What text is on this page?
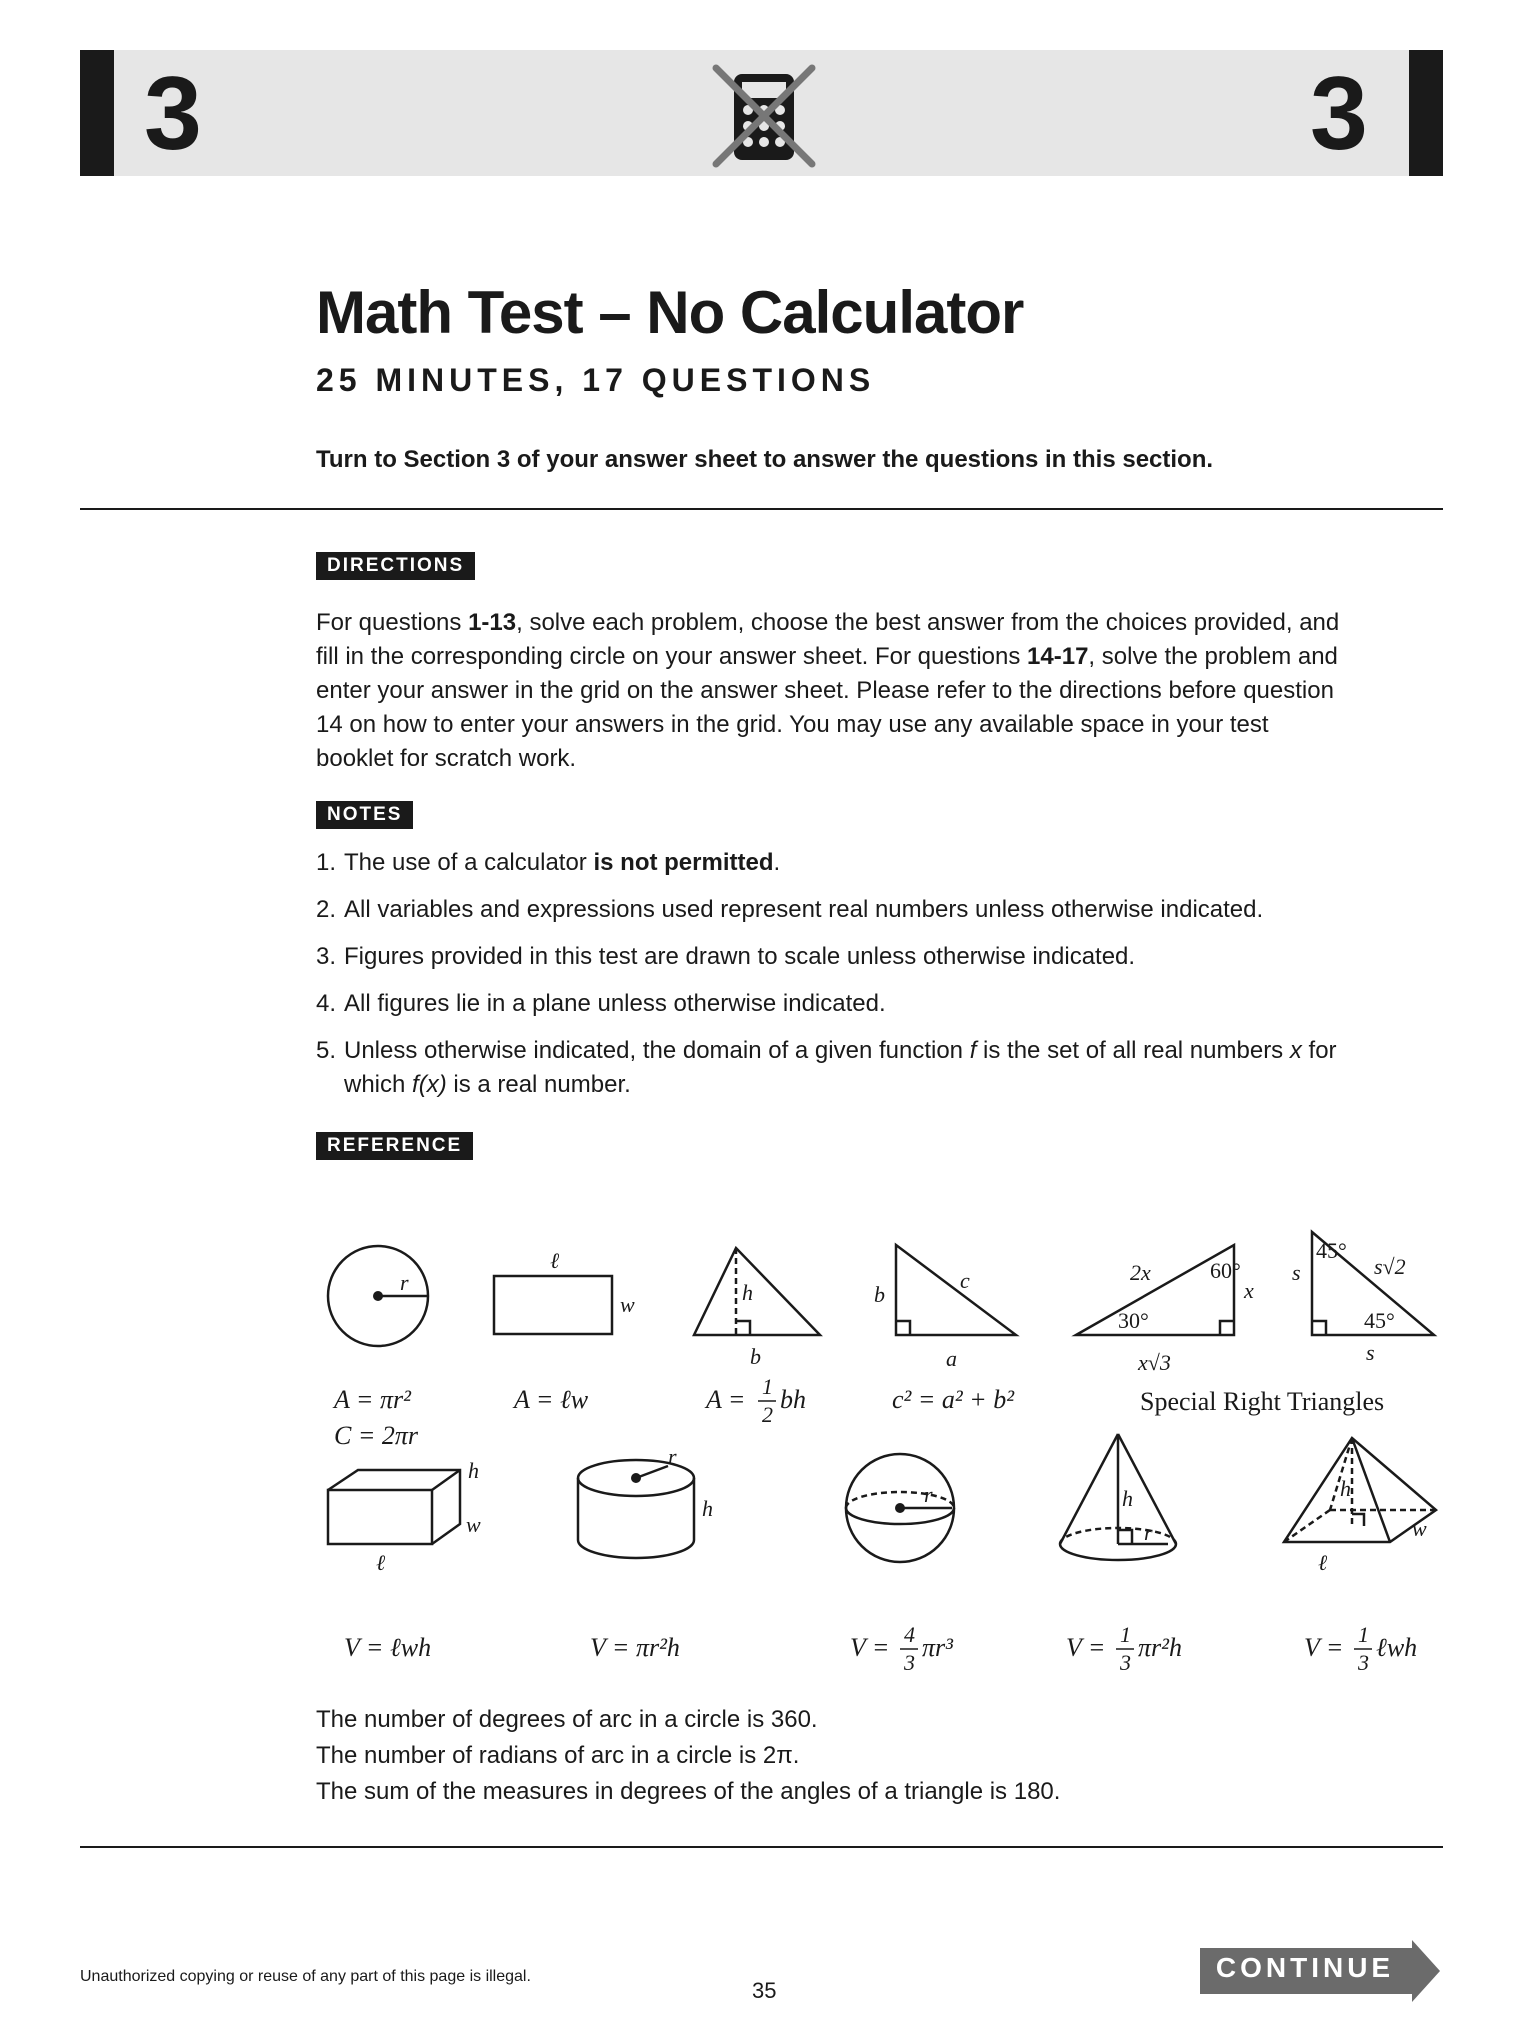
3	3
Math Test – No Calculator
25 MINUTES, 17 QUESTIONS
Turn to Section 3 of your answer sheet to answer the questions in this section.
DIRECTIONS
For questions 1-13, solve each problem, choose the best answer from the choices provided, and fill in the corresponding circle on your answer sheet. For questions 14-17, solve the problem and enter your answer in the grid on the answer sheet. Please refer to the directions before question 14 on how to enter your answers in the grid. You may use any available space in your test booklet for scratch work.
NOTES
1. The use of a calculator is not permitted.
2. All variables and expressions used represent real numbers unless otherwise indicated.
3. Figures provided in this test are drawn to scale unless otherwise indicated.
4. All figures lie in a plane unless otherwise indicated.
5. Unless otherwise indicated, the domain of a given function f is the set of all real numbers x for which f(x) is a real number.
REFERENCE
r
ℓ
w	h
b
b
c
a
2x
x
x√3
s	s√2
s
w
h
ℓ
r
h
r	h
r
h
w
ℓ
60°
30°
45°
45°
A = πr²
C = 2πr
A = ℓw	A = bh	c² = a² + b²
V = ℓwh	V = πr²h	V = πr³	V = πr²h	V = ℓwh
1
2
4
3
1
3
1
3
Special Right Triangles
The number of degrees of arc in a circle is 360.
The number of radians of arc in a circle is 2π.
The sum of the measures in degrees of the angles of a triangle is 180.
Unauthorized copying or reuse of any part of this page is illegal.
35
CONTINUE
